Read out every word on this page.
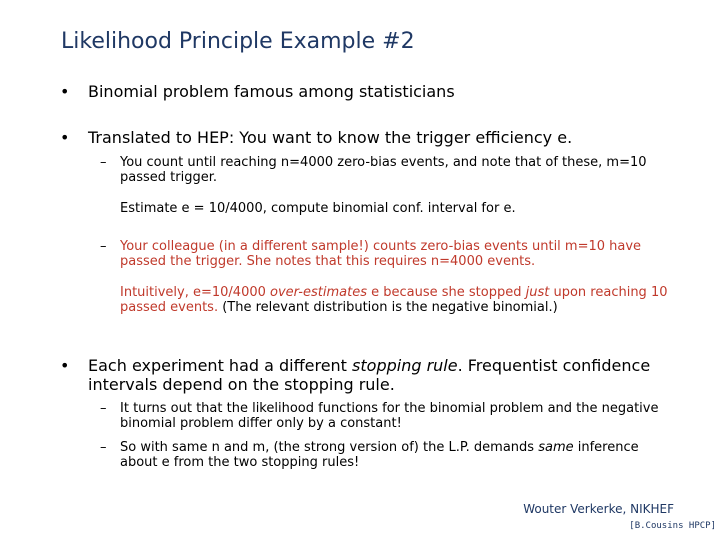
Likelihood Principle Example #2
• Binomial problem famous among statisticians
• Translated to HEP: You want to know the trigger efficiency e.
– You count until reaching n=4000 zero-bias events, and note that of these, m=10 passed trigger.
Estimate e = 10/4000, compute binomial conf. interval for e.
– Your colleague (in a different sample!) counts zero-bias events until m=10 have passed the trigger. She notes that this requires n=4000 events.
Intuitively, e=10/4000 over-estimates e because she stopped just upon reaching 10 passed events. (The relevant distribution is the negative binomial.)
• Each experiment had a different stopping rule. Frequentist confidence intervals depend on the stopping rule.
– It turns out that the likelihood functions for the binomial problem and the negative binomial problem differ only by a constant!
– So with same n and m, (the strong version of) the L.P. demands same inference about e from the two stopping rules!
Wouter Verkerke, NIKHEF
[B.Cousins HPCP]
